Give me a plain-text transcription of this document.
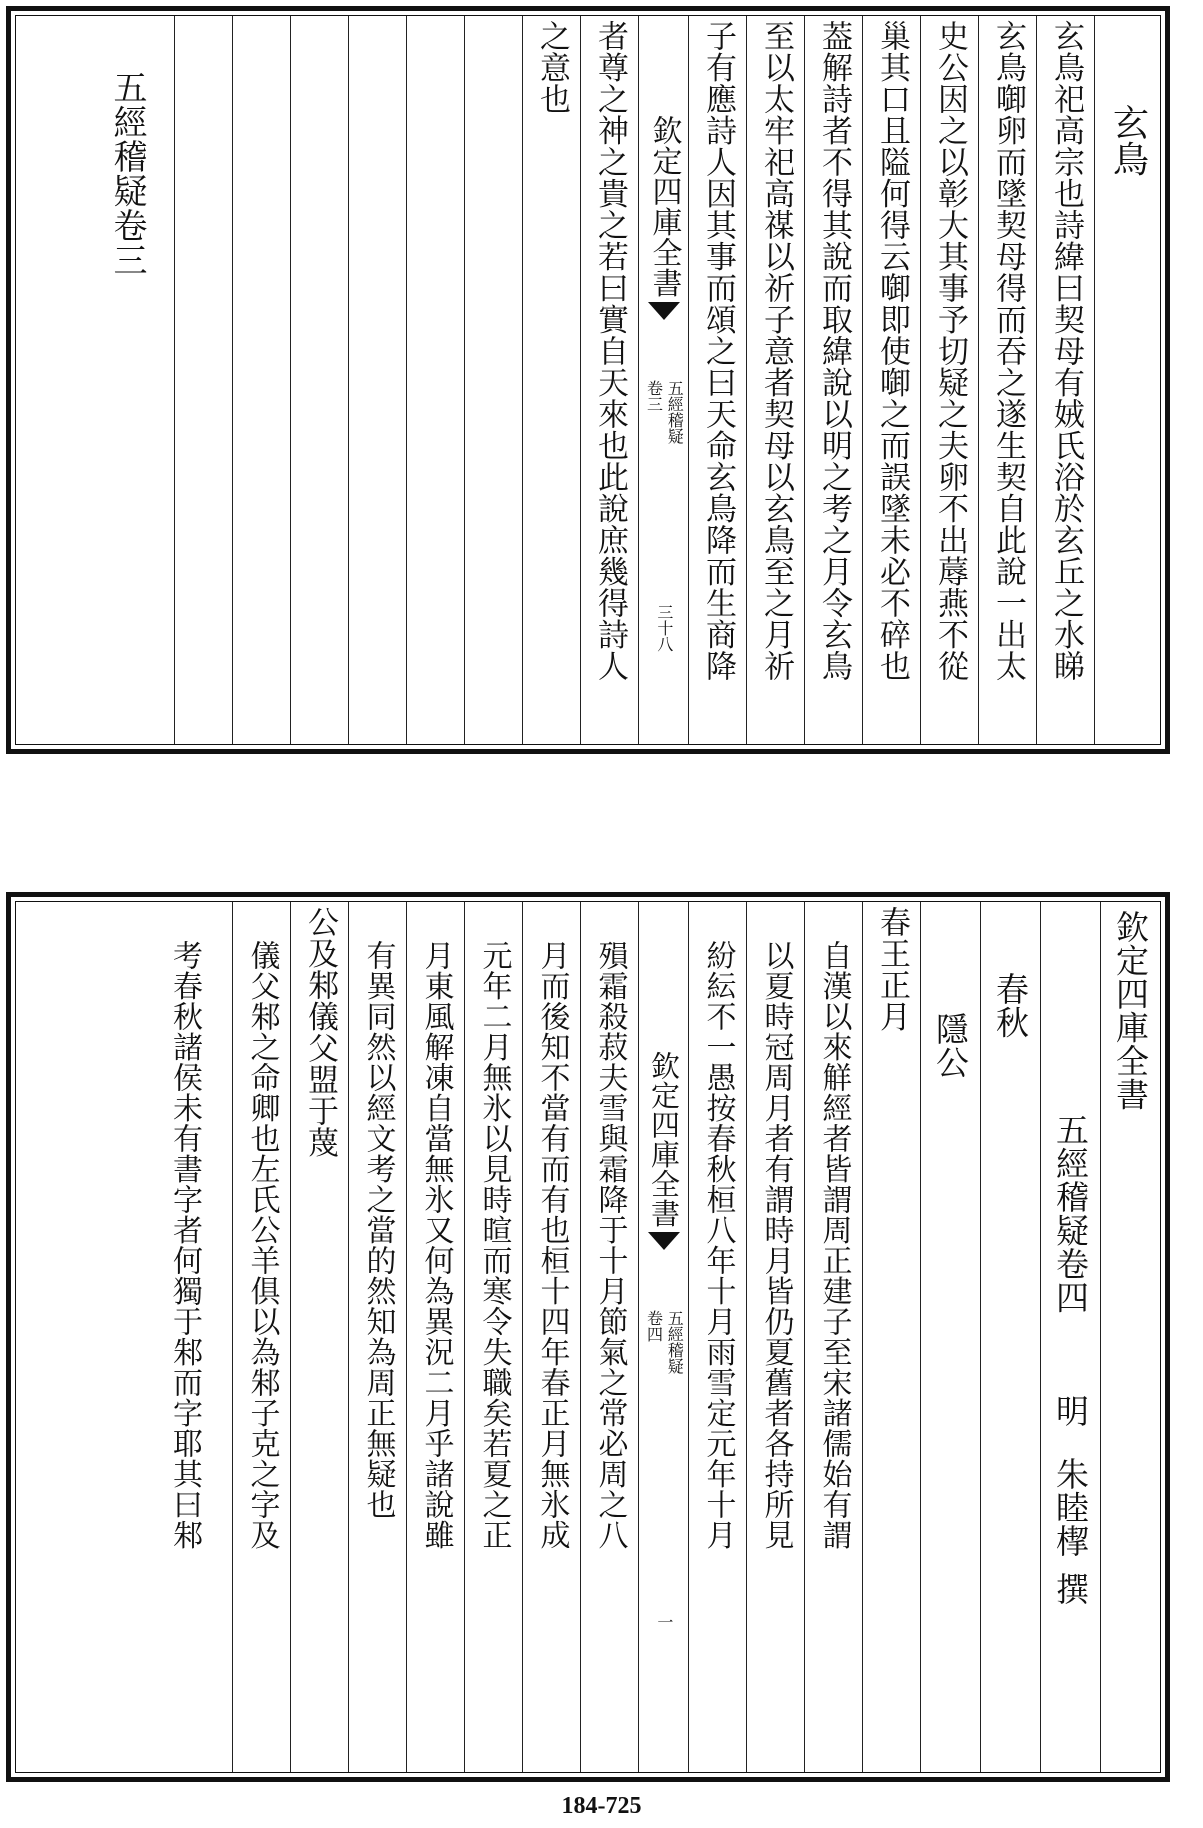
玄鳥
玄鳥祀高宗也詩緯曰契母有娀氏浴於玄丘之水睇
玄鳥啣卵而墜契母得而吞之遂生契自此說一出太
史公因之以彰大其事予切疑之夫卵不出蓐燕不從
巢其口且隘何得云啣即使啣之而誤墜未必不碎也
葢解詩者不得其說而取緯說以明之考之月令玄鳥
至以太牢祀高禖以祈子意者契母以玄鳥至之月祈
子有應詩人因其事而頌之曰天命玄鳥降而生商降
欽定四庫全書
五經稽疑
卷三
三十八
者尊之神之貴之若曰實自天來也此說庶幾得詩人
之意也
五經稽疑卷三
欽定四庫全書
五經稽疑卷四
明
朱睦㮮
撰
春秋
隱公
春王正月
自漢以來觧經者皆謂周正建子至宋諸儒始有謂
以夏時冠周月者有謂時月皆仍夏舊者各持所見
紛紜不一愚按春秋桓八年十月雨雪定元年十月
欽定四庫全書
五經稽疑
卷四
一
殞霜殺菽夫雪與霜降于十月節氣之常必周之八
月而後知不當有而有也桓十四年春正月無氷成
元年二月無氷以見時暄而寒令失職矣若夏之正
月東風解凍自當無氷又何為異況二月乎諸說雖
有異同然以經文考之當的然知為周正無疑也
公及邾儀父盟于蔑
儀父邾之命卿也左氏公羊俱以為邾子克之字及
考春秋諸侯未有書字者何獨于邾而字耶其曰邾
184-725
